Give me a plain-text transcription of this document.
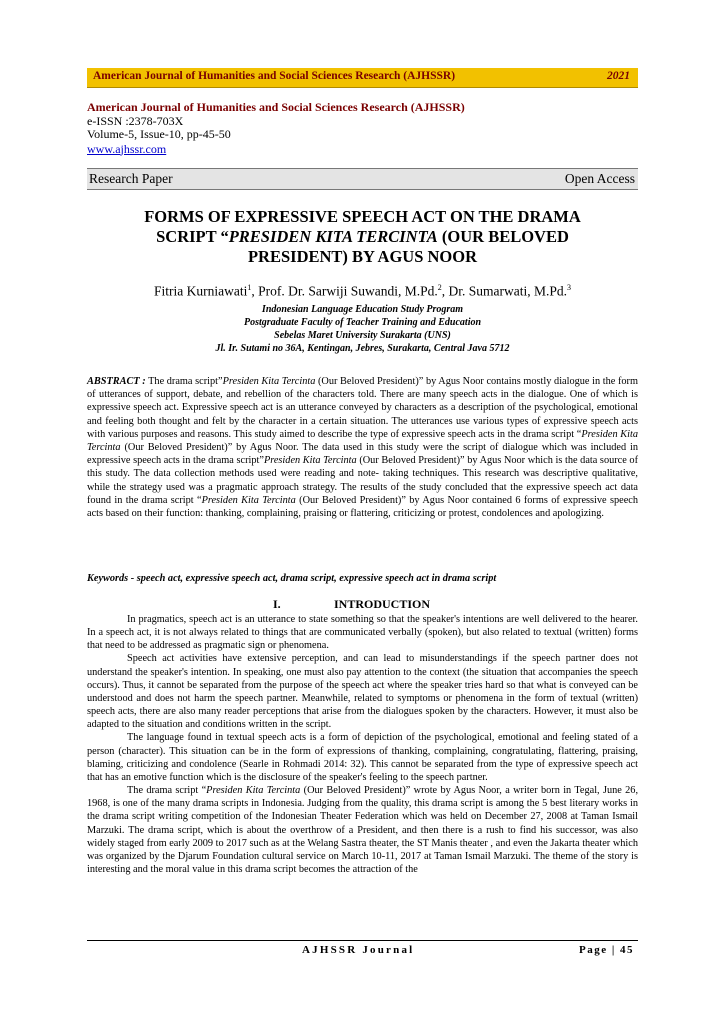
American Journal of Humanities and Social Sciences Research (AJHSSR)	2021
American Journal of Humanities and Social Sciences Research (AJHSSR)
e-ISSN :2378-703X
Volume-5, Issue-10, pp-45-50
www.ajhssr.com
Research Paper	Open Access
FORMS OF EXPRESSIVE SPEECH ACT ON THE DRAMA
SCRIPT “PRESIDEN KITA TERCINTA (OUR BELOVED
PRESIDENT) BY AGUS NOOR
Fitria Kurniawati$^1$, Prof. Dr. Sarwiji Suwandi, M.Pd.$^2$, Dr. Sumarwati, M.Pd.$^3$
Indonesian Language Education Study Program
Postgraduate Faculty of Teacher Training and Education
Sebelas Maret University Surakarta (UNS)
Jl. Ir. Sutami no 36A, Kentingan, Jebres, Surakarta, Central Java 5712
ABSTRACT : The drama script”Presiden Kita Tercinta (Our Beloved President)” by Agus Noor contains mostly dialogue in the form of utterances of support, debate, and rebellion of the characters told. There are many speech acts in the dialogue. One of which is expressive speech act. Expressive speech act is an utterance conveyed by characters as a description of the psychological, emotional and feeling both thought and felt by the character in a certain situation. The utterances use various types of expressive speech acts with various purposes and reasons. This study aimed to describe the type of expressive speech acts in the drama script “Presiden Kita Tercinta (Our Beloved President)” by Agus Noor. The data used in this study were the script of dialogue which was included in expressive speech acts in the drama script”Presiden Kita Tercinta (Our Beloved President)” by Agus Noor which is the data source of this study. The data collection methods used were reading and note- taking techniques. This research was descriptive qualitative, while the strategy used was a pragmatic approach strategy. The results of the study concluded that the expressive speech act data found in the drama script “Presiden Kita Tercinta (Our Beloved President)” by Agus Noor contained 6 forms of expressive speech acts based on their function: thanking, complaining, praising or flattering, criticizing or protest, condolences and apologizing.
Keywords - speech act, expressive speech act, drama script, expressive speech act in drama script
I.	INTRODUCTION

In pragmatics, speech act is an utterance to state something so that the speaker's intentions are well delivered to the hearer. In a speech act, it is not always related to things that are communicated verbally (spoken), but also related to textual (written) forms that need to be addressed as pragmatic sign or phenomena.

Speech act activities have extensive perception, and can lead to misunderstandings if the speech partner does not understand the speaker's intention. In speaking, one must also pay attention to the context (the situation that accompanies the speech occurs). Thus, it cannot be separated from the purpose of the speech act where the speaker tries hard so that what is conveyed can be understood and does not harm the speech partner. Meanwhile, related to symptoms or phenomena in the form of textual (written) speech acts, there are also many reader perceptions that arise from the dialogues spoken by the characters. However, it must also be adapted to the situation and conditions written in the script.

The language found in textual speech acts is a form of depiction of the psychological, emotional and feeling stated of a person (character). This situation can be in the form of expressions of thanking, complaining, congratulating, flattering, praising, blaming, criticizing and condolence (Searle in Rohmadi 2014: 32). This cannot be separated from the type of expressive speech act that has an emotive function which is the disclosure of the speaker's feeling to the speech partner.

The drama script “Presiden Kita Tercinta (Our Beloved President)” wrote by Agus Noor, a writer born in Tegal, June 26, 1968, is one of the many drama scripts in Indonesia. Judging from the quality, this drama script is among the 5 best literary works in the drama script writing competition of the Indonesian Theater Federation which was held on December 27, 2008 at Taman Ismail Marzuki. The drama script, which is about the overthrow of a President, and then there is a rush to find his successor, was also widely staged from early 2009 to 2017 such as at the Welang Sastra theater, the ST Manis theater , and even the Jakarta theater which was organized by the Djarum Foundation cultural service on March 10-11, 2017 at Taman Ismail Marzuki. The theme of the story is interesting and the moral value in this drama script becomes the attraction of the

AJHSSR Journal	Page | 45
